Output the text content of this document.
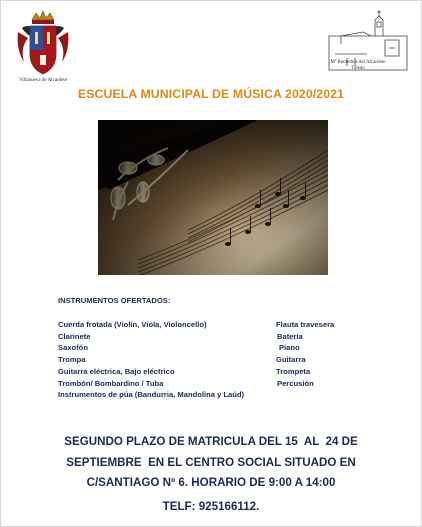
Villanueva de Alcardete
Mª Remedios del Alcardete
Toledo
ESCUELA MUNICIPAL DE MÚSICA 2020/2021
INSTRUMENTOS OFERTADOS:
Cuerda frotada (Violín, Viola, Violoncello)
Clarinete
Saxofón
Trompa
Guitarra eléctrica, Bajo eléctrico
Trombón/ Bombardino / Tuba
Instrumentos de púa (Bandurria, Mandolina y Laúd)
Flauta travesera
Batería
Piano
Guitarra
Trompeta
Percusión
SEGUNDO PLAZO DE MATRICULA DEL 15  AL  24 DE
SEPTIEMBRE  EN EL CENTRO SOCIAL SITUADO EN
C/SANTIAGO Nº 6. HORARIO DE 9:00 A 14:00
TELF: 925166112.
